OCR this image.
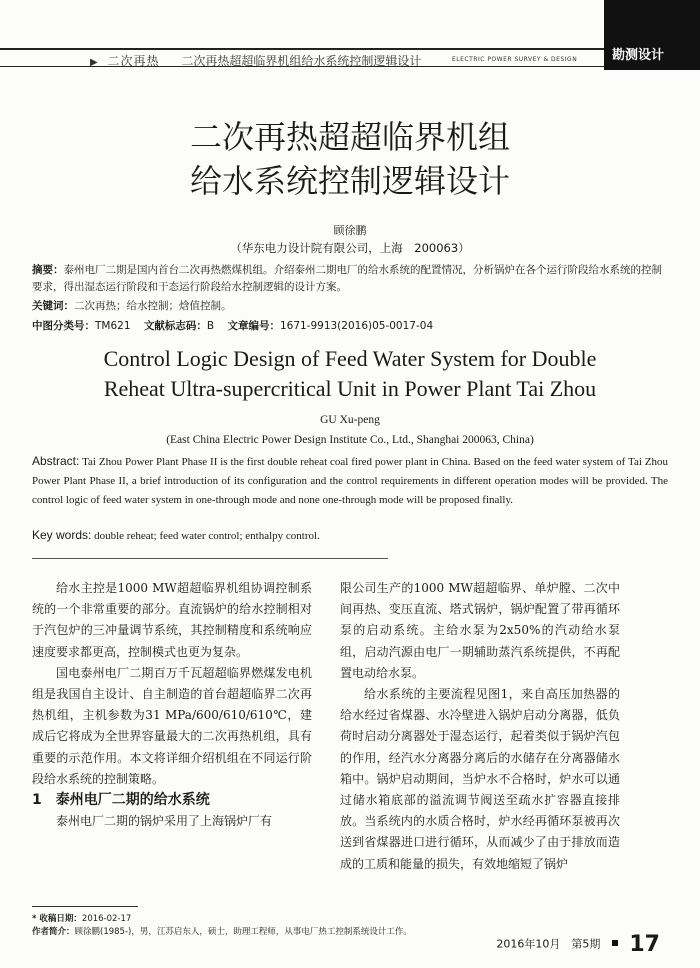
▶ 二次再热 二次再热超超临界机组给水系统控制逻辑设计	勘测设计
ELECTRIC POWER SURVEY & DESIGN
二次再热超超临界机组
给水系统控制逻辑设计
顾徐鹏
（华东电力设计院有限公司，上海　200063）
摘要：泰州电厂二期是国内首台二次再热燃煤机组。介绍泰州二期电厂的给水系统的配置情况，分析锅炉在各个运行阶段给水系统的控制要求，得出湿态运行阶段和干态运行阶段给水控制逻辑的设计方案。
关键词：二次再热；给水控制；焓值控制。
中图分类号：TM621 文献标志码：B 文章编号：1671-9913(2016)05-0017-04
Control Logic Design of Feed Water System for Double
Reheat Ultra-supercritical Unit in Power Plant Tai Zhou
GU Xu-peng
(East China Electric Power Design Institute Co., Ltd., Shanghai 200063, China)
Abstract: Tai Zhou Power Plant Phase II is the first double reheat coal fired power plant in China. Based on the feed water system of Tai Zhou Power Plant Phase II, a brief introduction of its configuration and the control requirements in different operation modes will be provided. The control logic of feed water system in one-through mode and none one-through mode will be proposed finally.
Key words: double reheat; feed water control; enthalpy control.

给水主控是1000 MW超超临界机组协调控制系统的一个非常重要的部分。直流锅炉的给水控制相对于汽包炉的三冲量调节系统，其控制精度和系统响应速度要求都更高，控制模式也更为复杂。

国电泰州电厂二期百万千瓦超超临界燃煤发电机组是我国自主设计、自主制造的首台超超临界二次再热机组，主机参数为31 MPa/600/610/610℃，建成后它将成为全世界容量最大的二次再热机组，具有重要的示范作用。本文将详细介绍机组在不同运行阶段给水系统的控制策略。

1　泰州电厂二期的给水系统

泰州电厂二期的锅炉采用了上海锅炉厂有

限公司生产的1000 MW超超临界、单炉膛、二次中间再热、变压直流、塔式锅炉，锅炉配置了带再循环泵的启动系统。主给水泵为2x50%的汽动给水泵组，启动汽源由电厂一期辅助蒸汽系统提供，不再配置电动给水泵。

给水系统的主要流程见图1，来自高压加热器的给水经过省煤器、水冷壁进入锅炉启动分离器，低负荷时启动分离器处于湿态运行，起着类似于锅炉汽包的作用，经汽水分离器分离后的水储存在分离器储水箱中。锅炉启动期间，当炉水不合格时，炉水可以通过储水箱底部的溢流调节阀送至疏水扩容器直接排放。当系统内的水质合格时，炉水经再循环泵被再次送到省煤器进口进行循环，从而减少了由于排放而造成的工质和能量的损失，有效地缩短了锅炉

* 收稿日期：2016-02-17
作者简介：顾徐鹏(1985-)，男，江苏启东人，硕士，助理工程师，从事电厂热工控制系统设计工作。
2016年10月　第5期 17
